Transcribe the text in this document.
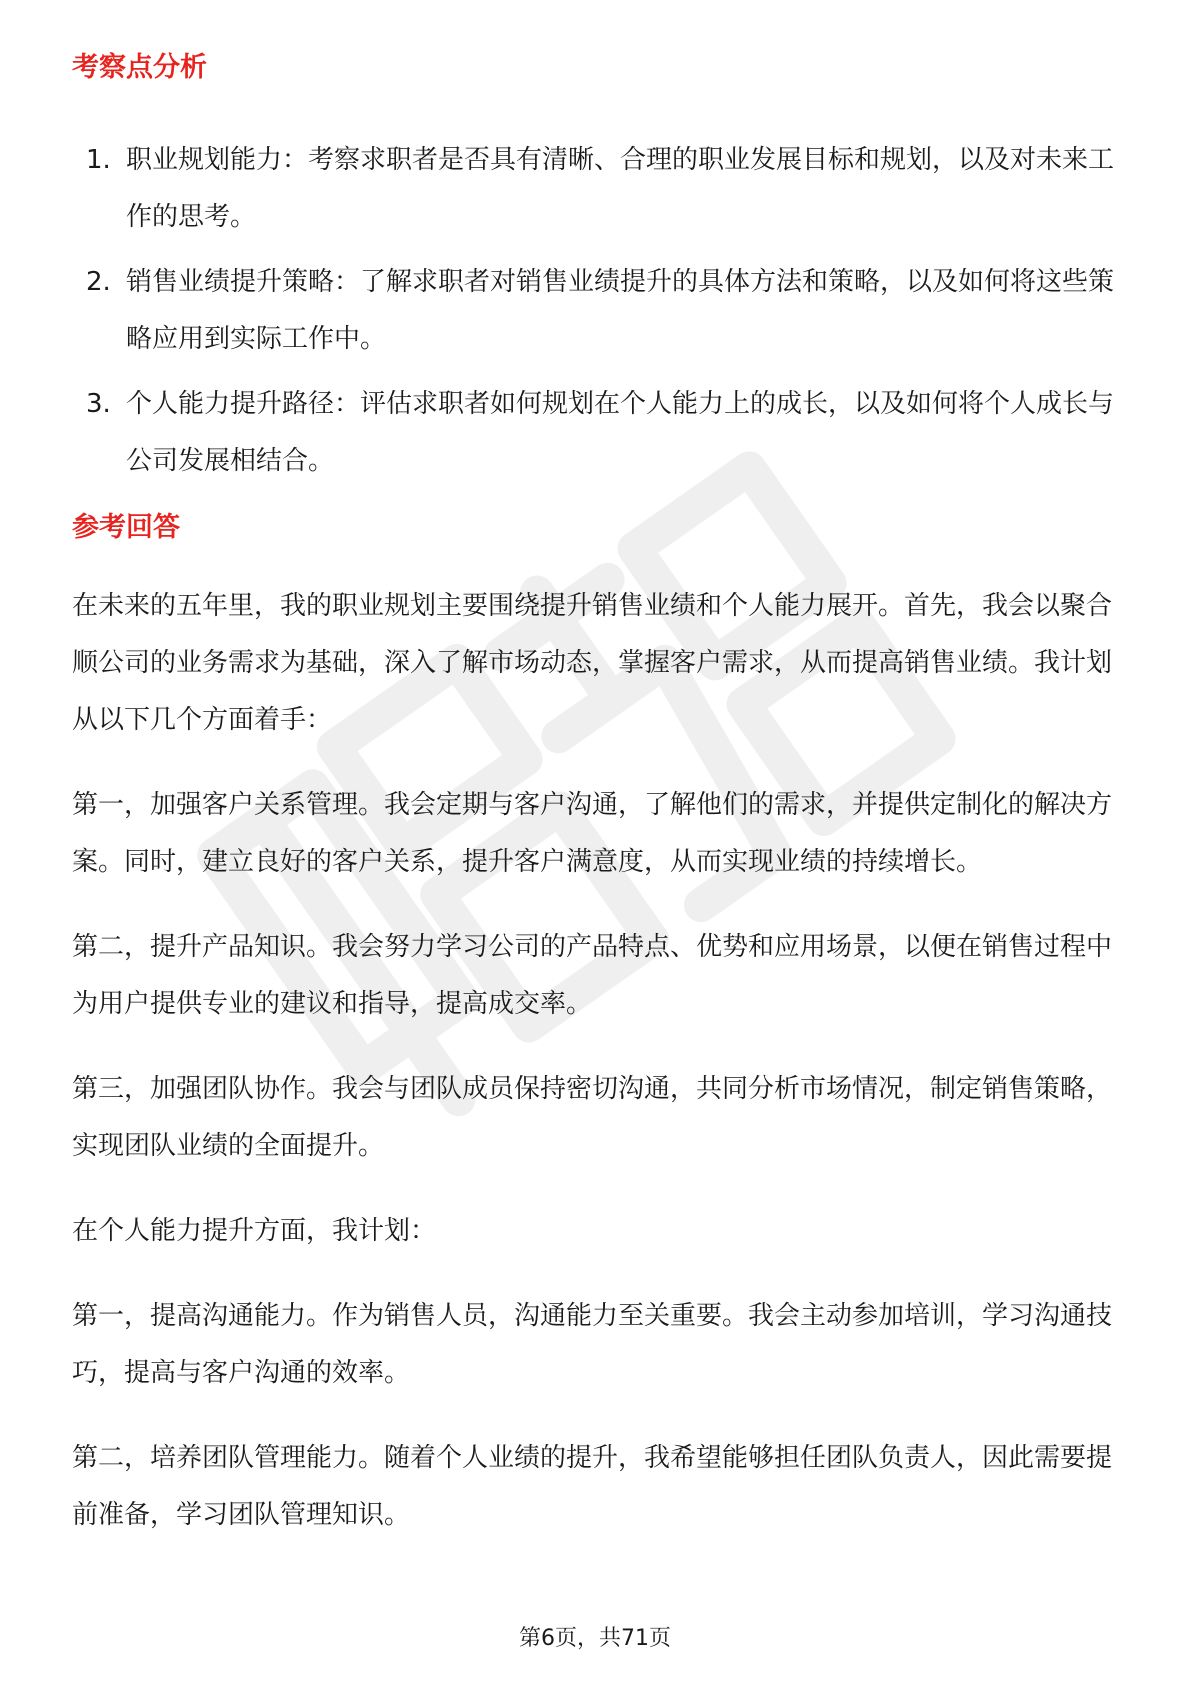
考察点分析
1. 职业规划能力：考察求职者是否具有清晰、合理的职业发展目标和规划，以及对未来工作的思考。
2. 销售业绩提升策略：了解求职者对销售业绩提升的具体方法和策略，以及如何将这些策略应用到实际工作中。
3. 个人能力提升路径：评估求职者如何规划在个人能力上的成长，以及如何将个人成长与公司发展相结合。
参考回答

在未来的五年里，我的职业规划主要围绕提升销售业绩和个人能力展开。首先，我会以聚合顺公司的业务需求为基础，深入了解市场动态，掌握客户需求，从而提高销售业绩。我计划从以下几个方面着手：

第一，加强客户关系管理。我会定期与客户沟通，了解他们的需求，并提供定制化的解决方案。同时，建立良好的客户关系，提升客户满意度，从而实现业绩的持续增长。

第二，提升产品知识。我会努力学习公司的产品特点、优势和应用场景，以便在销售过程中为用户提供专业的建议和指导，提高成交率。

第三，加强团队协作。我会与团队成员保持密切沟通，共同分析市场情况，制定销售策略，实现团队业绩的全面提升。

在个人能力提升方面，我计划：

第一，提高沟通能力。作为销售人员，沟通能力至关重要。我会主动参加培训，学习沟通技巧，提高与客户沟通的效率。

第二，培养团队管理能力。随着个人业绩的提升，我希望能够担任团队负责人，因此需要提前准备，学习团队管理知识。

第6页，共71页
